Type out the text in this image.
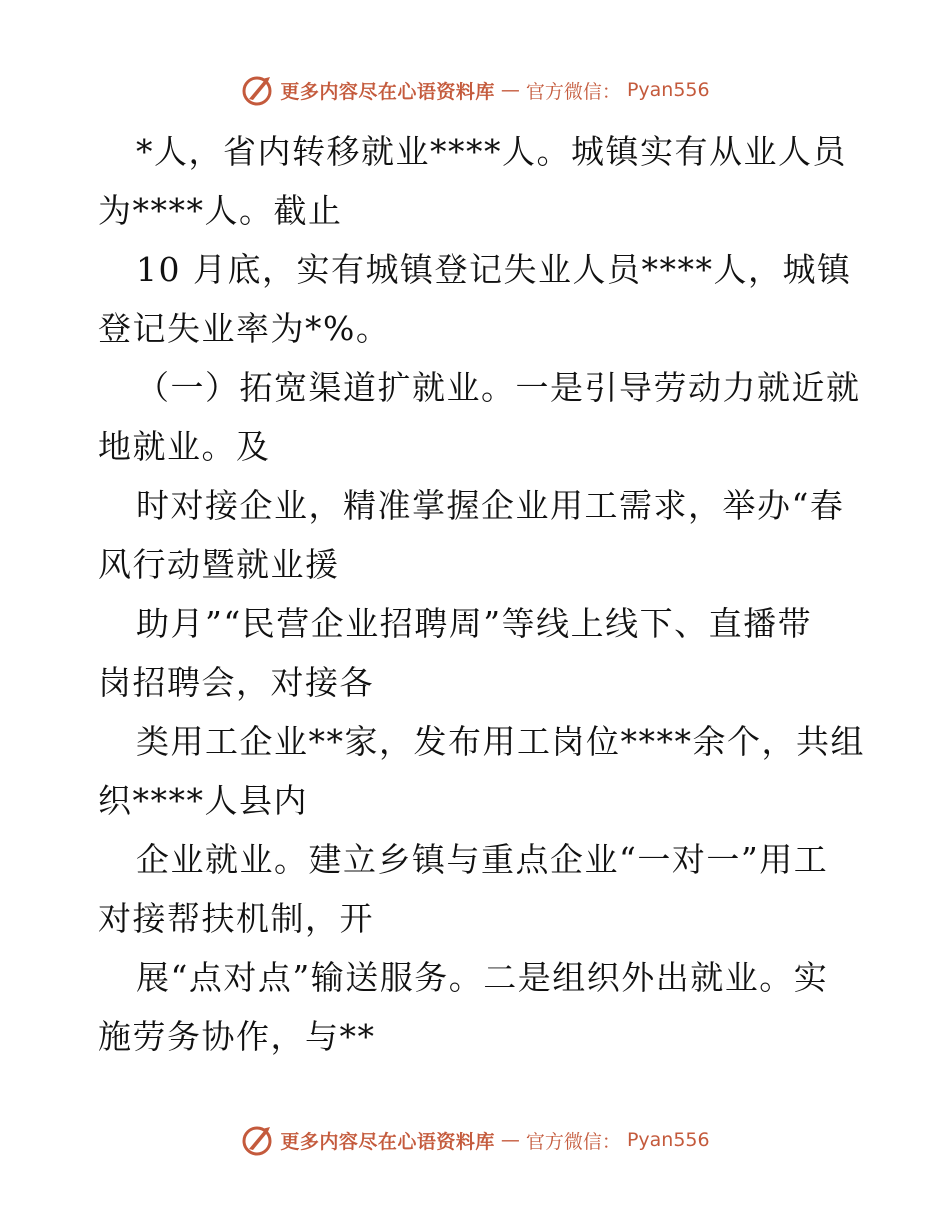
更多内容尽在心语资料库 — 官方微信： Pyan556
*人，省内转移就业****人。城镇实有从业人员
为****人。截止
10 月底，实有城镇登记失业人员****人，城镇
登记失业率为*%。
（一）拓宽渠道扩就业。一是引导劳动力就近就
地就业。及
时对接企业，精准掌握企业用工需求，举办“春
风行动暨就业援
助月”“民营企业招聘周”等线上线下、直播带
岗招聘会，对接各
类用工企业**家，发布用工岗位****余个，共组
织****人县内
企业就业。建立乡镇与重点企业“一对一”用工
对接帮扶机制，开
展“点对点”输送服务。二是组织外出就业。实
施劳务协作，与**
更多内容尽在心语资料库 — 官方微信： Pyan556
